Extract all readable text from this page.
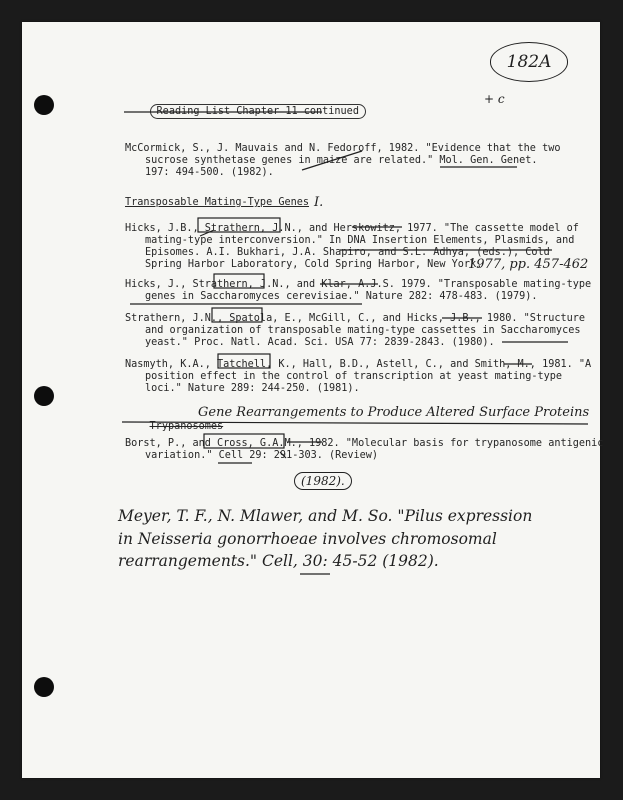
182A

Reading List Chapter 11 continued

+ c
McCormick, S., J. Mauvais and N. Fedoroff, 1982. "Evidence that the two
sucrose synthetase genes in maize are related." Mol. Gen. Genet.
197: 494-500. (1982).
Transposable Mating-Type Genes I.
Hicks, J.B., Strathern, J.N., and Herskowitz, 1977. "The cassette model of
mating-type interconversion." In DNA Insertion Elements, Plasmids, and
Episomes. A.I. Bukhari, J.A. Shapiro, and S.L. Adhya, (eds.), Cold
Spring Harbor Laboratory, Cold Spring Harbor, New York.
1977, pp. 457-462
Hicks, J., Strathern, J.N., and Klar, A.J.S. 1979. "Transposable mating-type
genes in Saccharomyces cerevisiae." Nature 282: 478-483. (1979).
Strathern, J.N., Spatola, E., McGill, C., and Hicks, J.B., 1980. "Structure
and organization of transposable mating-type cassettes in Saccharomyces
yeast." Proc. Natl. Acad. Sci. USA 77: 2839-2843. (1980).
Nasmyth, K.A., Tatchell, K., Hall, B.D., Astell, C., and Smith, M., 1981. "A
position effect in the control of transcription at yeast mating-type
loci." Nature 289: 244-250. (1981).

Trypanosomes

Gene Rearrangements to Produce Altered Surface Proteins
Borst, P., and Cross, G.A.M., 1982. "Molecular basis for trypanosome antigenic
variation." Cell 29: 291-303. (Review)
(1982).
Meyer, T. F., N. Mlawer, and M. So. "Pilus expression
in Neisseria gonorrhoeae involves chromosomal
rearrangements." Cell, 30: 45-52 (1982).
